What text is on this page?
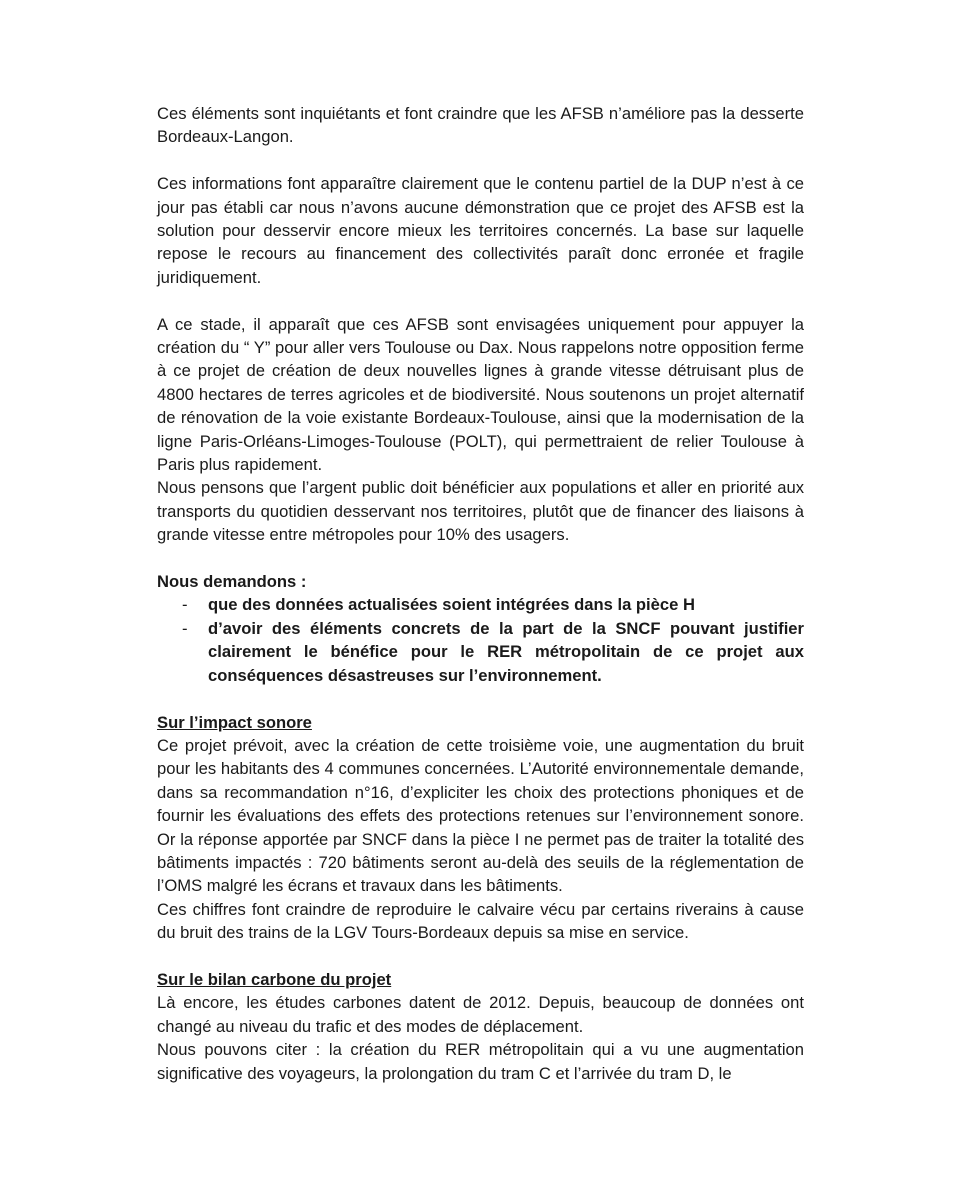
Ces éléments sont inquiétants et font craindre que les AFSB n’améliore pas la desserte Bordeaux-Langon.

Ces informations font apparaître clairement que le contenu partiel de la DUP n’est à ce jour pas établi car nous n’avons aucune démonstration que ce projet des AFSB est la solution pour desservir encore mieux les territoires concernés. La base sur laquelle repose le recours au financement des collectivités paraît donc erronée et fragile juridiquement.

A ce stade, il apparaît que ces AFSB sont envisagées uniquement pour appuyer la création du “ Y” pour aller vers Toulouse ou Dax. Nous rappelons notre opposition ferme à ce projet de création de deux nouvelles lignes à grande vitesse détruisant plus de 4800 hectares de terres agricoles et de biodiversité. Nous soutenons un projet alternatif de rénovation de la voie existante Bordeaux-Toulouse, ainsi que la modernisation de la ligne Paris-Orléans-Limoges-Toulouse (POLT), qui permettraient de relier Toulouse à Paris plus rapidement.

Nous pensons que l’argent public doit bénéficier aux populations et aller en priorité aux transports du quotidien desservant nos territoires, plutôt que de financer des liaisons à grande vitesse entre métropoles pour 10% des usagers.

Nous demandons :

- que des données actualisées soient intégrées dans la pièce H
- d’avoir des éléments concrets de la part de la SNCF pouvant justifier clairement le bénéfice pour le RER métropolitain de ce projet aux conséquences désastreuses sur l’environnement.

Sur l’impact sonore

Ce projet prévoit, avec la création de cette troisième voie, une augmentation du bruit pour les habitants des 4 communes concernées. L’Autorité environnementale demande, dans sa recommandation n°16, d’expliciter les choix des protections phoniques et de fournir les évaluations des effets des protections retenues sur l’environnement sonore. Or la réponse apportée par SNCF dans la pièce I ne permet pas de traiter la totalité des bâtiments impactés : 720 bâtiments seront au-delà des seuils de la réglementation de l’OMS malgré les écrans et travaux dans les bâtiments.

Ces chiffres font craindre de reproduire le calvaire vécu par certains riverains à cause du bruit des trains de la LGV Tours-Bordeaux depuis sa mise en service.

Sur le bilan carbone du projet

Là encore, les études carbones datent de 2012. Depuis, beaucoup de données ont changé au niveau du trafic et des modes de déplacement.

Nous pouvons citer : la création du RER métropolitain qui a vu une augmentation significative des voyageurs, la prolongation du tram C et l’arrivée du tram D, le
